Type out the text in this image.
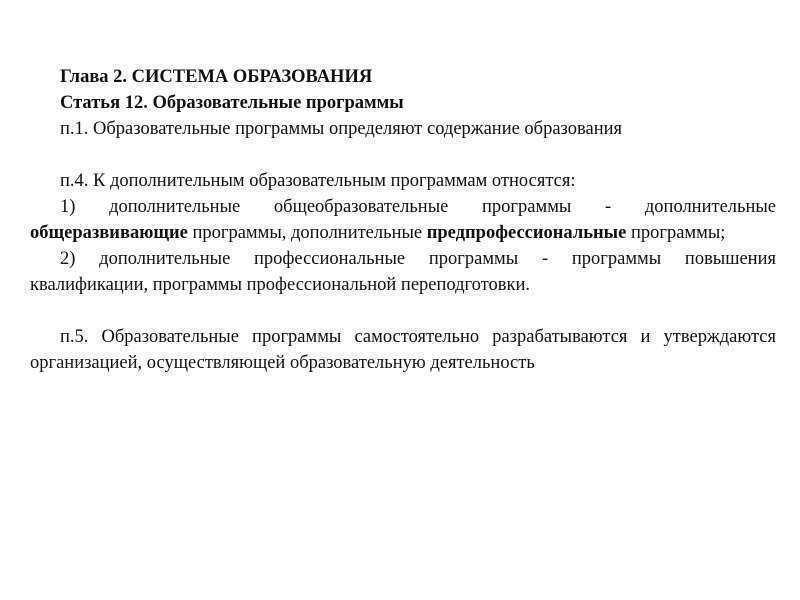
Глава 2. СИСТЕМА ОБРАЗОВАНИЯ

Статья 12. Образовательные программы

п.1. Образовательные программы определяют содержание образования

п.4. К дополнительным образовательным программам относятся:

1) дополнительные общеобразовательные программы - дополнительные общеразвивающие программы, дополнительные предпрофессиональные программы;

2) дополнительные профессиональные программы - программы повышения квалификации, программы профессиональной переподготовки.

п.5. Образовательные программы самостоятельно разрабатываются и утверждаются организацией, осуществляющей образовательную деятельность
